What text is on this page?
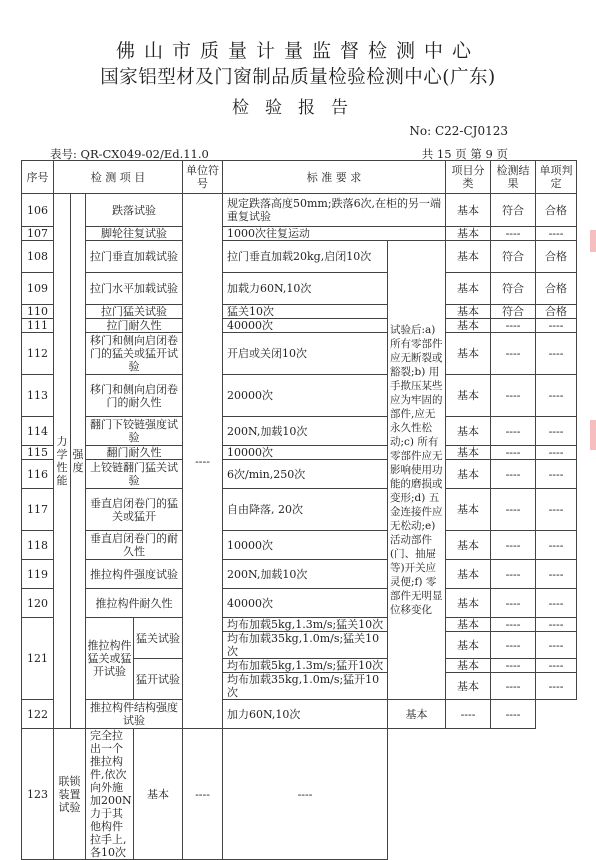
佛山市质量计量监督检测中心
国家铝型材及门窗制品质量检验检测中心(广东)
检验报告
No: C22-CJ0123
表号: QR-CX049-02/Ed.11.0	共 15 页 第 9 页
序号	检 测 项 目				单位符号	标 准 要 求		项目分类	检测结果	单项判定
106	力学性能	强度	跌落试验		----	规定跌落高度50mm;跌落6次,在柜的另一端重复试验		基本	符合	合格
107			脚轮往复试验			1000次往复运动		基本	----	----
108			拉门垂直加载试验			拉门垂直加载20kg,启闭10次	试验后:a) 所有零部件应无断裂或豁裂;b) 用手揿压某些应为牢固的部件,应无永久性松动;c) 所有零部件应无影响使用功能的磨损或变形;d) 五金连接件应无松动;e) 活动部件(门、抽屉等)开关应灵便;f) 零部件无明显位移变化	基本	符合	合格
109			拉门水平加载试验			加载力60N,10次		基本	符合	合格
110			拉门猛关试验			猛关10次		基本	符合	合格
111			拉门耐久性			40000次		基本	----	----
112			移门和侧向启闭卷门的猛关或猛开试验			开启或关闭10次		基本	----	----
113			移门和侧向启闭卷门的耐久性			20000次		基本	----	----
114			翻门下铰链强度试验			200N,加载10次		基本	----	----
115			翻门耐久性			10000次		基本	----	----
116			上铰链翻门猛关试验			6次/min,250次		基本	----	----
117			垂直启闭卷门的猛关或猛开			自由降落, 20次		基本	----	----
118			垂直启闭卷门的耐久性			10000次		基本	----	----
119			推拉构件强度试验			200N,加载10次		基本	----	----
120			推拉构件耐久性			40000次		基本	----	----
121			推拉构件猛关或猛开试验	猛关试验		均布加载5kg,1.3m/s;猛关10次		基本	----	----
						均布加载35kg,1.0m/s;猛关10次		基本	----	----
				猛开试验		均布加载5kg,1.3m/s;猛开10次		基本	----	----
						均布加载35kg,1.0m/s;猛开10次		基本	----	----
122			推拉构件结构强度试验			加力60N,10次	基本	----	----	
123	联锁装置试验		完全拉出一个推拉构件,依次向外施加200N力于其他构件拉手上,各10次	基本	----	----				
